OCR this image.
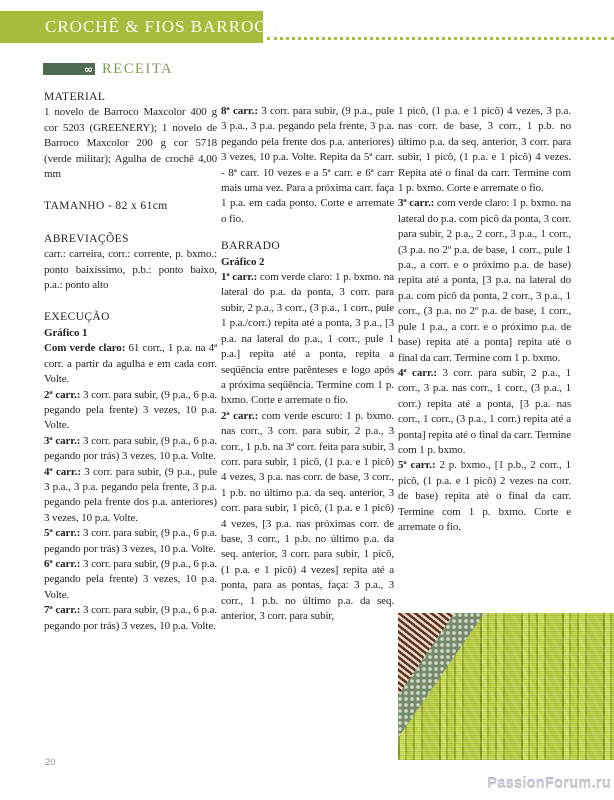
CROCHÊ & FIOS BARROCO
∞ RECEITA
MATERIAL

1 novelo de Barroco Maxcolor 400 g cor 5203 (GREENERY); 1 novelo de Barroco Maxcolor 200 g cor 5718 (verde militar); Agulha de crochê 4,00 mm

TAMANHO - 82 x 61cm
ABREVIAÇÕES

carr.: carreira, corr.: corrente, p. bxmo.: ponto baixíssimo, p.b.: ponto baixo, p.a.: ponto alto

EXECUÇÃO

Gráfico 1

Com verde claro: 61 corr., 1 p.a. na 4ª corr. a partir da agulha e em cada corr. Volte.

2ª carr.: 3 corr. para subir, (9 p.a., 6 p.a. pegando pela frente) 3 vezes, 10 p.a. Volte.

3ª carr.: 3 corr. para subir, (9 p.a., 6 p.a. pegando por trás) 3 vezes, 10 p.a. Volte.

4ª carr.: 3 corr. para subir, (9 p.a., pule 3 p.a., 3 p.a. pegando pela frente, 3 p.a. pegando pela frente dos p.a. anteriores) 3 vezes, 10 p.a. Volte.

5ª carr.: 3 corr. para subir, (9 p.a., 6 p.a. pegando por trás) 3 vezes, 10 p.a. Volte.

6ª carr.: 3 corr. para subir, (9 p.a., 6 p.a. pegando pela frente) 3 vezes, 10 p.a. Volte.

7ª carr.: 3 corr. para subir, (9 p.a., 6 p.a. pegando por trás) 3 vezes, 10 p.a. Volte.

8ª carr.: 3 corr. para subir, (9 p.a., pule 3 p.a., 3 p.a. pegando pela frente, 3 p.a. pegando pela frente dos p.a. anteriores) 3 vezes, 10 p.a. Volte. Repita da 5ª carr. - 8ª carr. 10 vezes e a 5ª carr. e 6ª carr mais uma vez. Para a próxima carr. faça 1 p.a. em cada ponto. Corte e arremate o fio.

BARRADO

Gráfico 2

1ª carr.: com verde claro: 1 p. bxmo. na lateral do p.a. da ponta, 3 corr. para subir, 2 p.a., 3 corr., (3 p.a., 1 corr., pule 1 p.a./corr.) repita até a ponta, 3 p.a., [3 p.a. na lateral do p.a., 1 corr., pule 1 p.a.] repita até a ponta, repita a seqüência entre parênteses e logo após a próxima seqüência. Termine com 1 p. bxmo. Corte e arremate o fio.

2ª carr.: com verde escuro: 1 p. bxmo. nas corr., 3 corr. para subir, 2 p.a., 3 corr., 1 p.b. na 3ª corr. feita para subir, 3 corr. para subir, 1 picô, (1 p.a. e 1 picô) 4 vezes, 3 p.a. nas corr. de base, 3 corr., 1 p.b. no último p.a. da seq. anterior, 3 corr. para subir, 1 picô, (1 p.a. e 1 picô) 4 vezes, [3 p.a. nas próximas corr. de base, 3 corr., 1 p.b. no último p.a. da seq. anterior, 3 corr. para subir, 1 picô, (1 p.a. e 1 picô) 4 vezes] repita até a ponta, para as pontas, faça: 3 p.a., 3 corr., 1 p.b. no último p.a. da seq. anterior, 3 corr. para subir,

1 picô, (1 p.a. e 1 picô) 4 vezes, 3 p.a. nas corr. de base, 3 corr., 1 p.b. no último p.a. da seq. anterior, 3 corr. para subir, 1 picô, (1 p.a. e 1 picô) 4 vezes. Repita até o final da carr. Termine com 1 p. bxmo. Corte e arremate o fio.

3ª carr.: com verde claro: 1 p. bxmo. na lateral do p.a. com picô da ponta, 3 corr. para subir, 2 p.a., 2 corr., 3 p.a., 1 corr., (3 p.a. no 2º p.a. de base, 1 corr., pule 1 p.a., a corr. e o próximo p.a. de base) repita até a ponta, [3 p.a. na lateral do p.a. com picô da ponta, 2 corr., 3 p.a., 1 corr., (3 p.a. no 2º p.a. de base, 1 corr., pule 1 p.a., a corr. e o próximo p.a. de base) repita até a ponta] repita até o final da carr. Termine com 1 p. bxmo.

4ª carr.: 3 corr. para subir, 2 p.a., 1 corr., 3 p.a. nas corr., 1 corr., (3 p.a., 1 corr.) repita até a ponta, [3 p.a. nas corr., 1 corr., (3 p.a., 1 corr.) repita até a ponta] repita até o final da carr. Termine com 1 p. bxmo.

5ª carr.: 2 p. bxmo., [1 p.b., 2 corr., 1 picô, (1 p.a. e 1 picô) 2 vezes na corr. de base) repita até o final da carr. Termine com 1 p. bxmo. Corte e arremate o fio.

20
PassionForum.ru
